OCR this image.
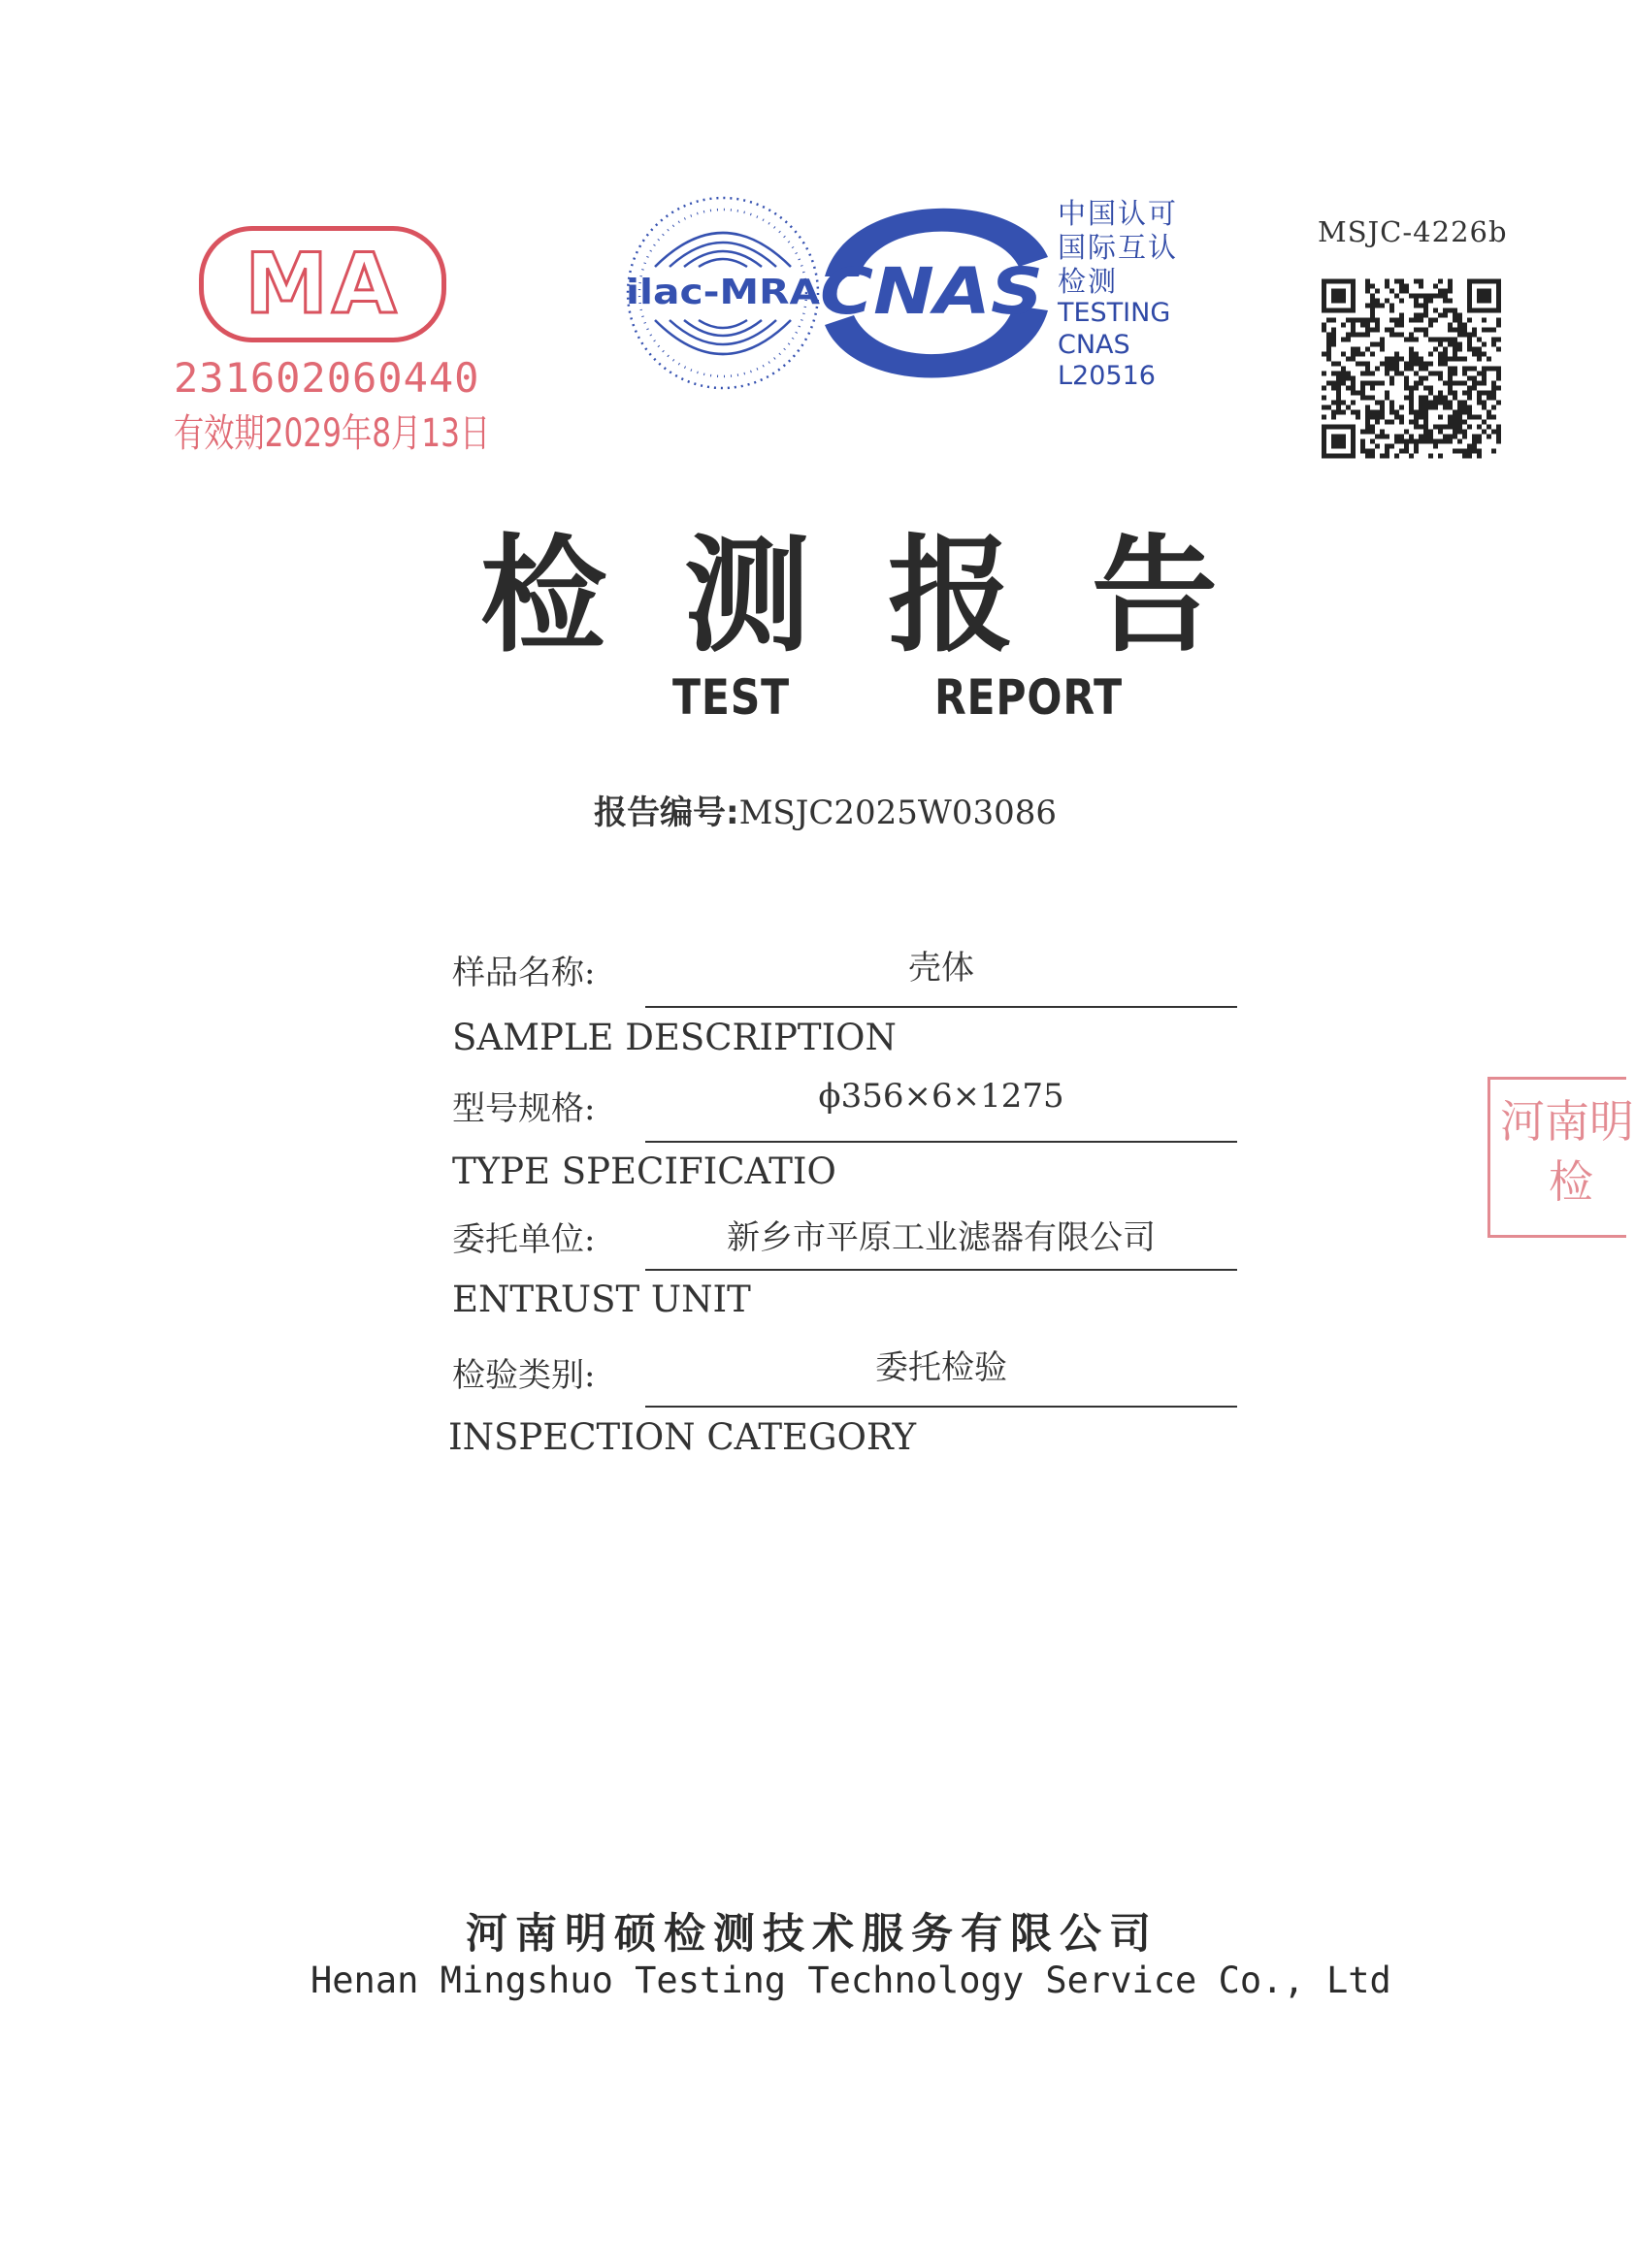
MA
231602060440
有效期2029年8月13日
ilac-MRA CNAS
中国认可
国际互认
检测
TESTING
CNAS L20516
MSJC-4226b
河南明
检
检 测 报 告
TEST   REPORT
报告编号:MSJC2025W03086
样品名称:	壳体
SAMPLE DESCRIPTION
型号规格:	ϕ356×6×1275
TYPE SPECIFICATIO
委托单位:	新乡市平原工业滤器有限公司
ENTRUST UNIT
检验类别:	委托检验
INSPECTION CATEGORY
河南明硕检测技术服务有限公司
Henan Mingshuo Testing Technology Service Co., Ltd
